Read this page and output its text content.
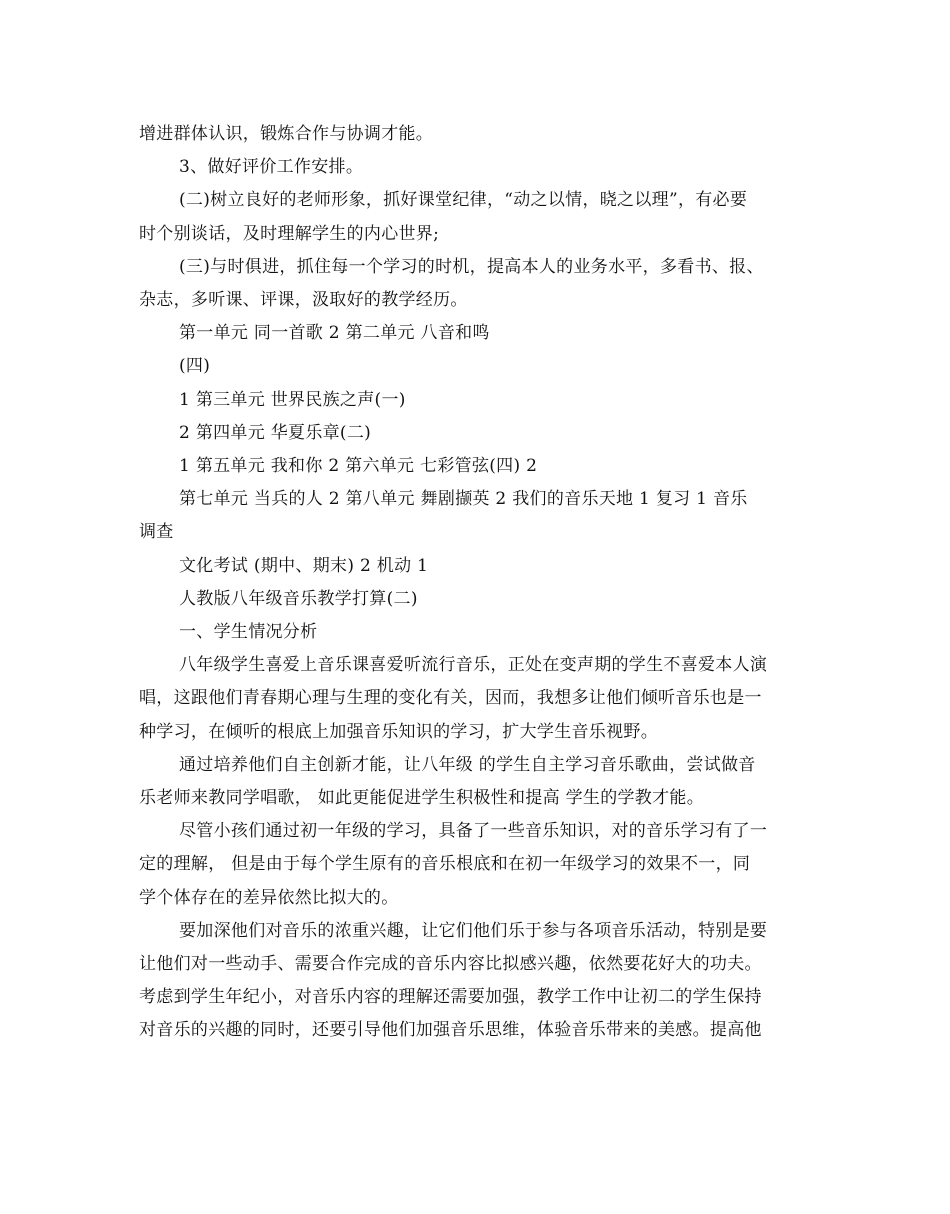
增进群体认识，锻炼合作与协调才能。
3、做好评价工作安排。
(二)树立良好的老师形象，抓好课堂纪律，“动之以情，晓之以理”，有必要
时个别谈话，及时理解学生的内心世界;
(三)与时俱进，抓住每一个学习的时机，提高本人的业务水平，多看书、报、
杂志，多听课、评课，汲取好的教学经历。
第一单元 同一首歌 2 第二单元 八音和鸣
(四)
1 第三单元 世界民族之声(一)
2 第四单元 华夏乐章(二)
1 第五单元 我和你 2 第六单元 七彩管弦(四) 2
第七单元 当兵的人 2 第八单元 舞剧撷英 2 我们的音乐天地 1 复习 1 音乐
调查
文化考试 (期中、期末) 2 机动 1
人教版八年级音乐教学打算(二)
一、学生情况分析
八年级学生喜爱上音乐课喜爱听流行音乐，正处在变声期的学生不喜爱本人演
唱，这跟他们青春期心理与生理的变化有关，因而，我想多让他们倾听音乐也是一
种学习，在倾听的根底上加强音乐知识的学习，扩大学生音乐视野。
通过培养他们自主创新才能，让八年级 的学生自主学习音乐歌曲，尝试做音
乐老师来教同学唱歌， 如此更能促进学生积极性和提高 学生的学教才能。
尽管小孩们通过初一年级的学习，具备了一些音乐知识，对的音乐学习有了一
定的理解， 但是由于每个学生原有的音乐根底和在初一年级学习的效果不一，同
学个体存在的差异依然比拟大的。
要加深他们对音乐的浓重兴趣，让它们他们乐于参与各项音乐活动，特别是要
让他们对一些动手、需要合作完成的音乐内容比拟感兴趣，依然要花好大的功夫。
考虑到学生年纪小，对音乐内容的理解还需要加强，教学工作中让初二的学生保持
对音乐的兴趣的同时，还要引导他们加强音乐思维，体验音乐带来的美感。提高他
